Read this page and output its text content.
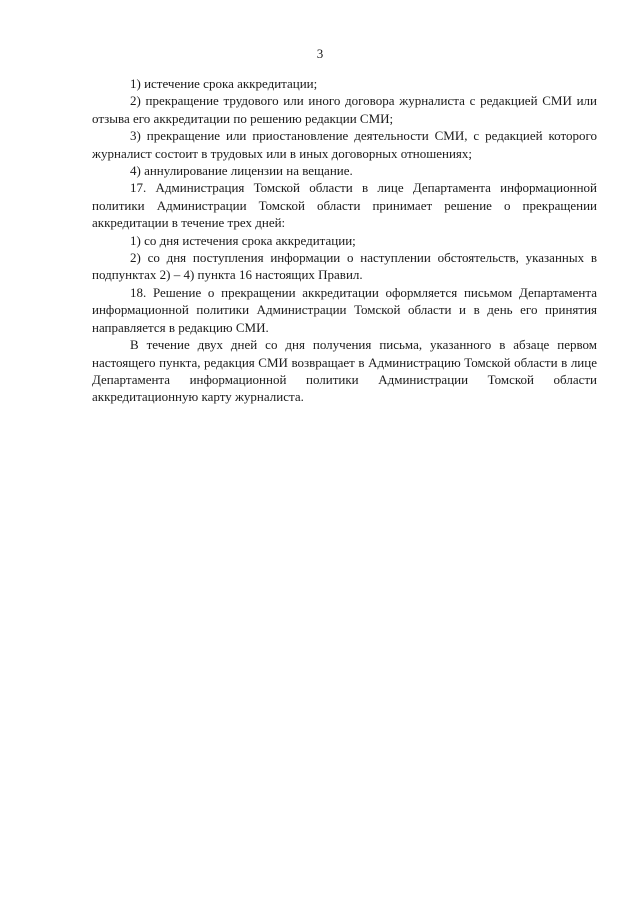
3

1) истечение срока аккредитации;

2) прекращение трудового или иного договора журналиста с редакцией СМИ или отзыва его аккредитации по решению редакции СМИ;

3) прекращение или приостановление деятельности СМИ, с редакцией которого журналист состоит в трудовых или в иных договорных отношениях;

4) аннулирование лицензии на вещание.

17. Администрация Томской области в лице Департамента информационной политики Администрации Томской области принимает решение о прекращении аккредитации в течение трех дней:

1) со дня истечения срока аккредитации;

2) со дня поступления информации о наступлении обстоятельств, указанных в подпунктах 2) – 4) пункта 16 настоящих Правил.

18. Решение о прекращении аккредитации оформляется письмом Департамента информационной политики Администрации Томской области и в день его принятия направляется в редакцию СМИ.

В течение двух дней со дня получения письма, указанного в абзаце первом настоящего пункта, редакция СМИ возвращает в Администрацию Томской области в лице Департамента информационной политики Администрации Томской области аккредитационную карту журналиста.
